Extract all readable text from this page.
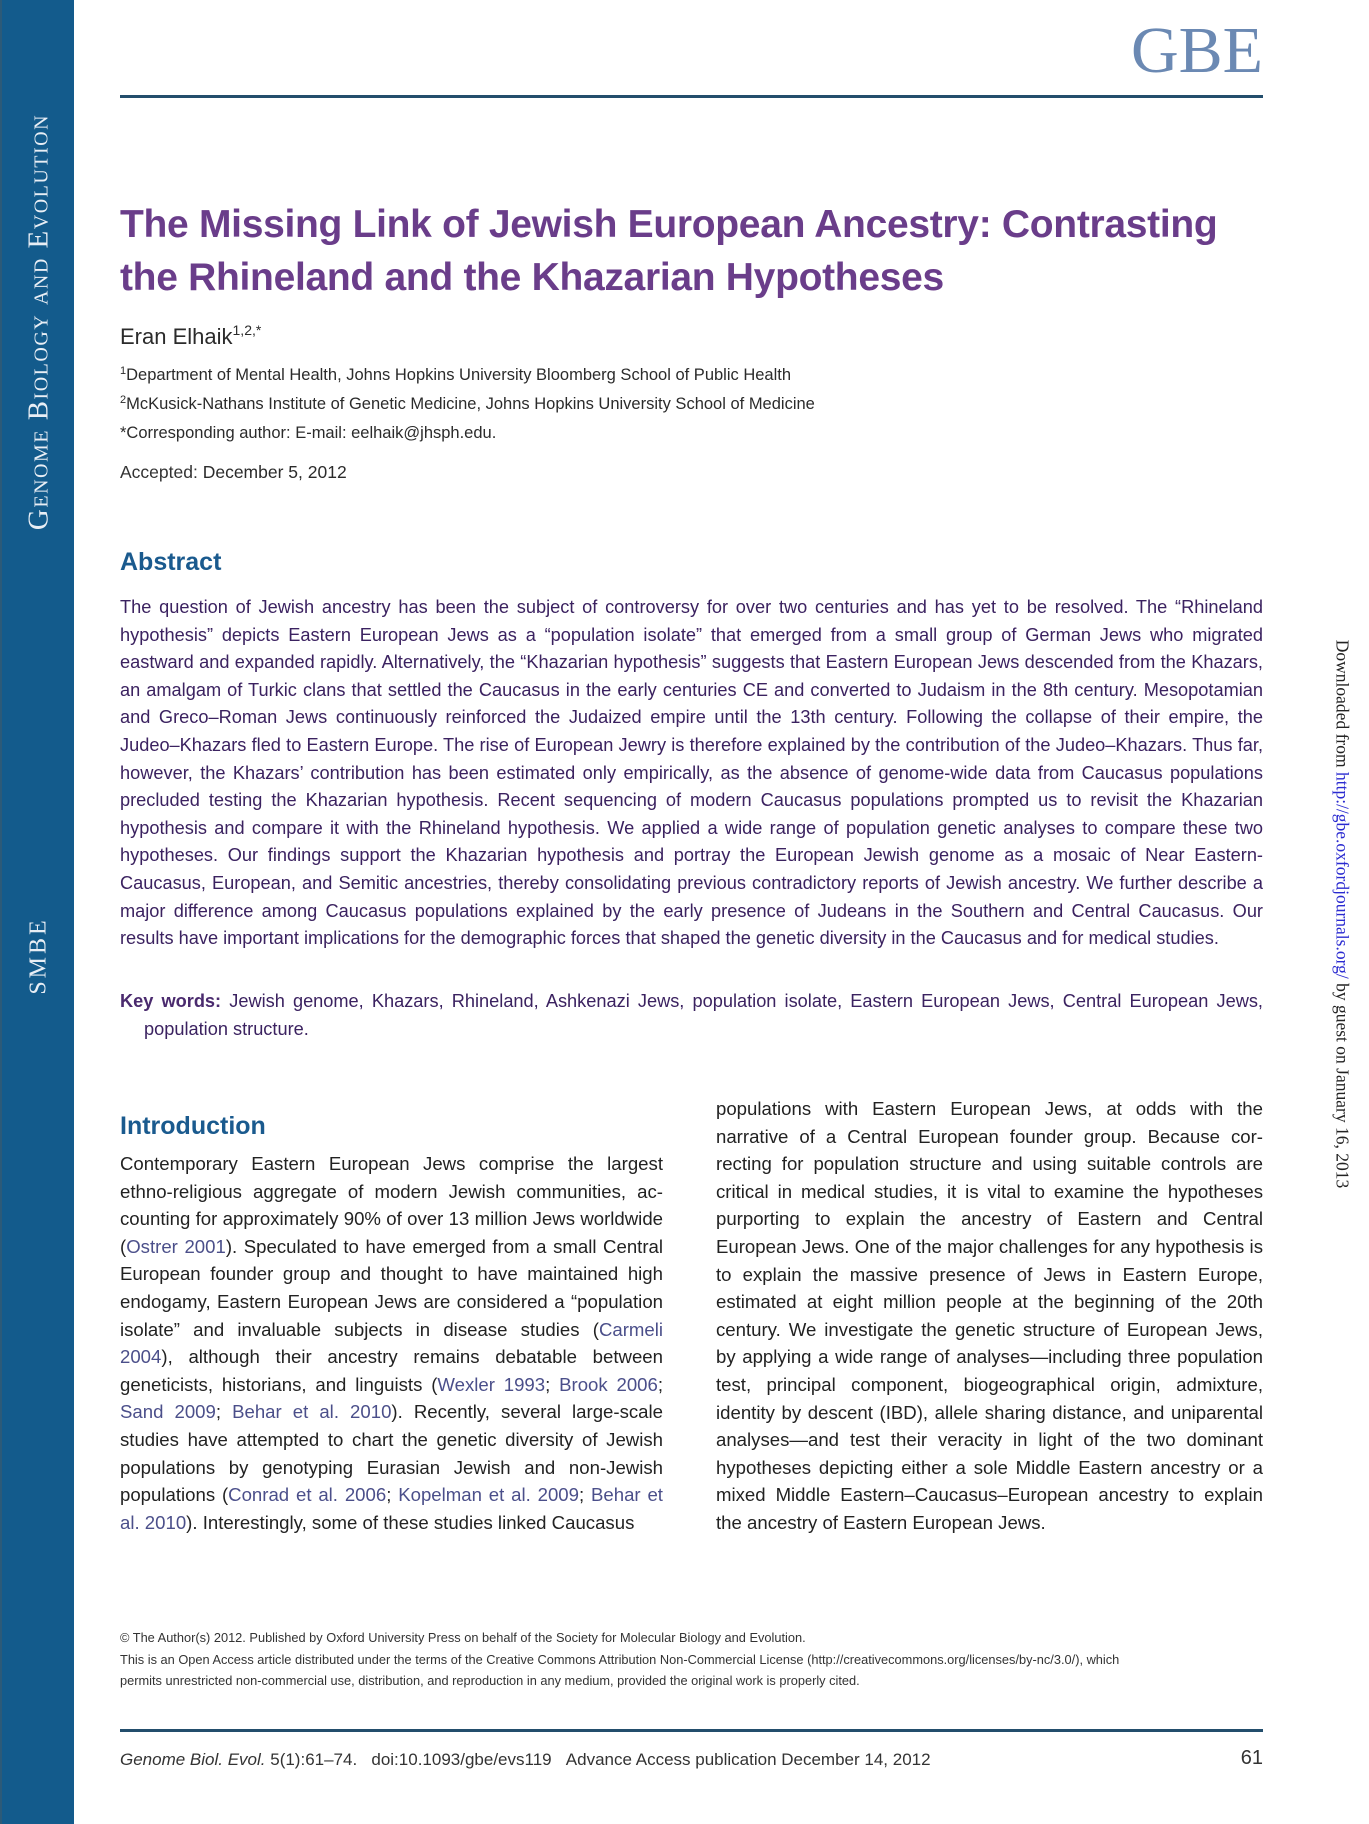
Genome Biology and Evolution
SMBE
GBE
The Missing Link of Jewish European Ancestry: Contrasting the Rhineland and the Khazarian Hypotheses
Eran Elhaik$^{1,2,*}$
$^1$Department of Mental Health, Johns Hopkins University Bloomberg School of Public Health
$^2$McKusick-Nathans Institute of Genetic Medicine, Johns Hopkins University School of Medicine
*Corresponding author: E-mail: eelhaik@jhsph.edu.
Accepted: December 5, 2012
Abstract

The question of Jewish ancestry has been the subject of controversy for over two centuries and has yet to be resolved. The “Rhineland hypothesis” depicts Eastern European Jews as a “population isolate” that emerged from a small group of German Jews who migrated eastward and expanded rapidly. Alternatively, the “Khazarian hypothesis” suggests that Eastern European Jews descended from the Khazars, an amalgam of Turkic clans that settled the Caucasus in the early centuries CE and converted to Judaism in the 8th century. Mesopotamian and Greco–Roman Jews continuously reinforced the Judaized empire until the 13th century. Following the collapse of their empire, the Judeo–Khazars fled to Eastern Europe. The rise of European Jewry is therefore explained by the contribution of the Judeo–Khazars. Thus far, however, the Khazars’ contribution has been estimated only empirically, as the absence of genome-wide data from Caucasus populations precluded testing the Khazarian hypothesis. Recent sequencing of modern Caucasus populations prompted us to revisit the Khazarian hypothesis and compare it with the Rhineland hypothesis. We applied a wide range of population genetic analyses to compare these two hypotheses. Our findings support the Khazarian hypothesis and portray the European Jewish genome as a mosaic of Near Eastern-Caucasus, European, and Semitic ancestries, thereby consolidating previous contradictory reports of Jewish ancestry. We further describe a major difference among Caucasus populations explained by the early presence of Judeans in the Southern and Central Caucasus. Our results have important implications for the demographic forces that shaped the genetic diversity in the Caucasus and for medical studies.

Key words: Jewish genome, Khazars, Rhineland, Ashkenazi Jews, population isolate, Eastern European Jews, Central European Jews, population structure.

Introduction

Contemporary Eastern European Jews comprise the largest ethno-religious aggregate of modern Jewish communities, accounting for approximately 90% of over 13 million Jews worldwide (Ostrer 2001). Speculated to have emerged from a small Central European founder group and thought to have maintained high endogamy, Eastern European Jews are considered a “population isolate” and invaluable subjects in disease studies (Carmeli 2004), although their ancestry remains debatable between geneticists, historians, and linguists (Wexler 1993; Brook 2006; Sand 2009; Behar et al. 2010). Recently, several large-scale studies have attempted to chart the genetic diversity of Jewish populations by genotyping Eurasian Jewish and non-Jewish populations (Conrad et al. 2006; Kopelman et al. 2009; Behar et al. 2010). Interestingly, some of these studies linked Caucasus

populations with Eastern European Jews, at odds with the narrative of a Central European founder group. Because correcting for population structure and using suitable controls are critical in medical studies, it is vital to examine the hypotheses purporting to explain the ancestry of Eastern and Central European Jews. One of the major challenges for any hypothesis is to explain the massive presence of Jews in Eastern Europe, estimated at eight million people at the beginning of the 20th century. We investigate the genetic structure of European Jews, by applying a wide range of analyses—including three population test, principal component, biogeographical origin, admixture, identity by descent (IBD), allele sharing distance, and uniparental analyses—and test their veracity in light of the two dominant hypotheses depicting either a sole Middle Eastern ancestry or a mixed Middle Eastern–Caucasus–European ancestry to explain the ancestry of Eastern European Jews.

© The Author(s) 2012. Published by Oxford University Press on behalf of the Society for Molecular Biology and Evolution.
This is an Open Access article distributed under the terms of the Creative Commons Attribution Non-Commercial License (http://creativecommons.org/licenses/by-nc/3.0/), which
permits unrestricted non-commercial use, distribution, and reproduction in any medium, provided the original work is properly cited.
Genome Biol. Evol. 5(1):61–74. doi:10.1093/gbe/evs119 Advance Access publication December 14, 2012	61
Downloaded from http://gbe.oxfordjournals.org/ by guest on January 16, 2013
